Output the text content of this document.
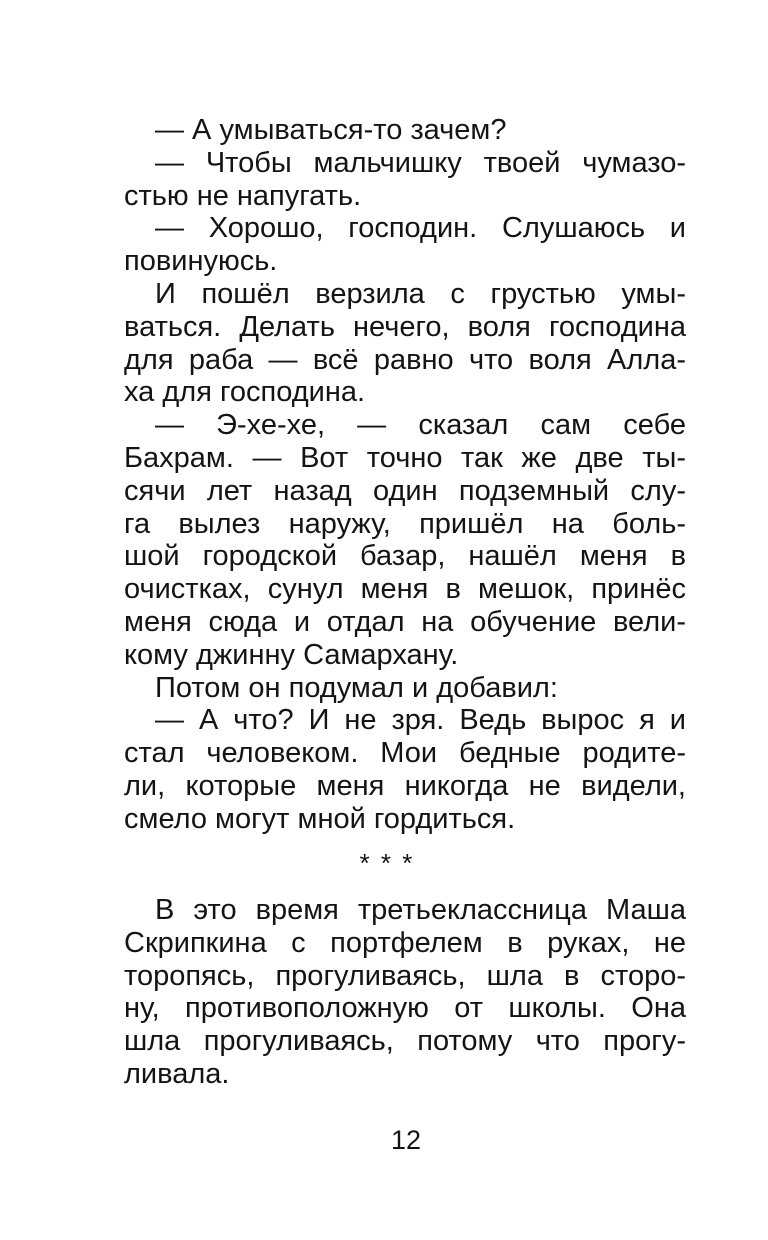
— А умываться-то зачем?
— Чтобы мальчишку твоей чумазо-
стью не напугать.
— Хорошо, господин. Слушаюсь и
повинуюсь.
И пошёл верзила с грустью умы-
ваться. Делать нечего, воля господина
для раба — всё равно что воля Алла-
ха для господина.
— Э-хе-хе, — сказал сам себе
Бахрам. — Вот точно так же две ты-
сячи лет назад один подземный слу-
га вылез наружу, пришёл на боль-
шой городской базар, нашёл меня в
очистках, сунул меня в мешок, принёс
меня сюда и отдал на обучение вели-
кому джинну Самархану.
Потом он подумал и добавил:
— А что? И не зря. Ведь вырос я и
стал человеком. Мои бедные родите-
ли, которые меня никогда не видели,
смело могут мной гордиться.
* * *
В это время третьеклассница Маша
Скрипкина с портфелем в руках, не
торопясь, прогуливаясь, шла в сторо-
ну, противоположную от школы. Она
шла прогуливаясь, потому что прогу-
ливала.
12
